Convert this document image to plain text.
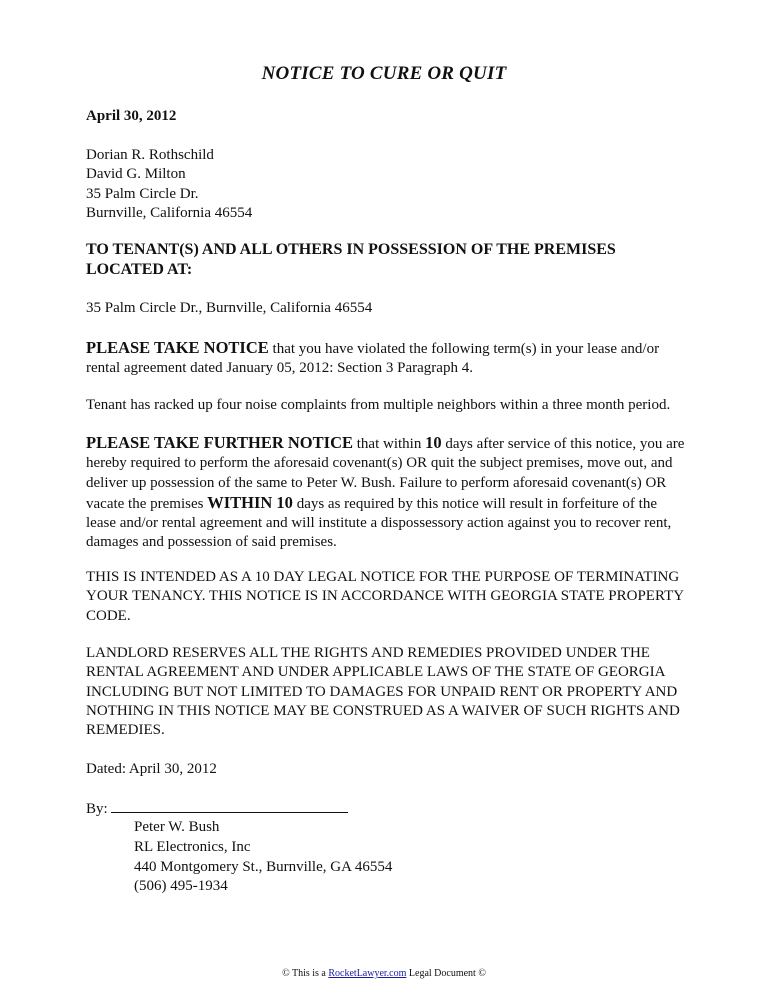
NOTICE TO CURE OR QUIT
April 30, 2012
Dorian R. Rothschild
David G. Milton
35 Palm Circle Dr.
Burnville, California 46554
TO TENANT(S) AND ALL OTHERS IN POSSESSION OF THE PREMISES LOCATED AT:
35 Palm Circle Dr., Burnville, California 46554
PLEASE TAKE NOTICE that you have violated the following term(s) in your lease and/or rental agreement dated January 05, 2012: Section 3 Paragraph 4.
Tenant has racked up four noise complaints from multiple neighbors within a three month period.
PLEASE TAKE FURTHER NOTICE that within 10 days after service of this notice, you are hereby required to perform the aforesaid covenant(s) OR quit the subject premises, move out, and deliver up possession of the same to Peter W. Bush. Failure to perform aforesaid covenant(s) OR vacate the premises WITHIN 10 days as required by this notice will result in forfeiture of the lease and/or rental agreement and will institute a dispossessory action against you to recover rent, damages and possession of said premises.
THIS IS INTENDED AS A 10 DAY LEGAL NOTICE FOR THE PURPOSE OF TERMINATING YOUR TENANCY. THIS NOTICE IS IN ACCORDANCE WITH GEORGIA STATE PROPERTY CODE.
LANDLORD RESERVES ALL THE RIGHTS AND REMEDIES PROVIDED UNDER THE RENTAL AGREEMENT AND UNDER APPLICABLE LAWS OF THE STATE OF GEORGIA INCLUDING BUT NOT LIMITED TO DAMAGES FOR UNPAID RENT OR PROPERTY AND NOTHING IN THIS NOTICE MAY BE CONSTRUED AS A WAIVER OF SUCH RIGHTS AND REMEDIES.
Dated: April 30, 2012
By:
Peter W. Bush
RL Electronics, Inc
440 Montgomery St., Burnville, GA 46554
(506) 495-1934
© This is a RocketLawyer.com Legal Document ©
